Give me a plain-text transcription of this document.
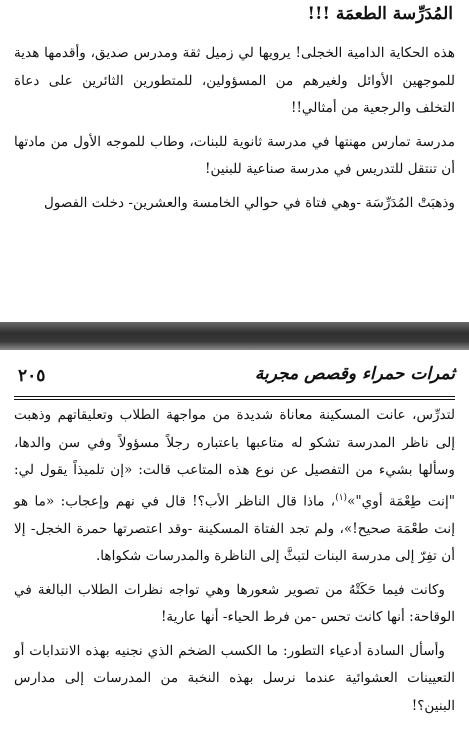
المُدَرِّسة الطعمَة !!!

هذه الحكاية الدامية الخجلى! يرويها لي زميل ثقة ومدرس صديق، وأقدمها هدية للموجهين الأوائل ولغيرهم من المسؤولين، للمتطورين الثائرين على دعاة التخلف والرجعية من أمثالي!!

مدرسة تمارس مهنتها في مدرسة ثانوية للبنات، وطاب للموجه الأول من مادتها أن تنتقل للتدريس في مدرسة صناعية للبنين!

وذهبَتْ المُدَرِّسَة -وهي فتاة في حوالي الخامسة والعشرين- دخلت الفصول

ثمرات حمراء وقصص مجربة
٢٠٥

لتدرِّس، عانت المسكينة معاناة شديدة من مواجهة الطلاب وتعليقاتهم وذهبت إلى ناظر المدرسة تشكو له متاعبها باعتباره رجلاً مسؤولاً وفي سن والدها، وسألها بشيء من التفصيل عن نوع هذه المتاعب قالت: «إن تلميذاً يقول لي: "إنت طِعْمَة أوي"»$^{(١)}$، ماذا قال الناظر الأب؟! قال في نهم وإعجاب: «ما هو إنت طعْمَة صحيح!»، ولم تجد الفتاة المسكينة -وقد اعتصرتها حمرة الخجل- إلا أن تفِرّ إلى مدرسة البنات لتبثَّ إلى الناظرة والمدرسات شكواها.

وكانت فيما حَكَتْهُ من تصوير شعورها وهي تواجه نظرات الطلاب البالغة في الوقاحة: أنها كانت تحس -من فرط الحياء- أنها عارية!

وأسأل السادة أدعياء التطور: ما الكسب الضخم الذي نجنيه بهذه الانتدابات أو التعيينات العشوائية عندما نرسل بهذه النخبة من المدرسات إلى مدارس البنين؟!
